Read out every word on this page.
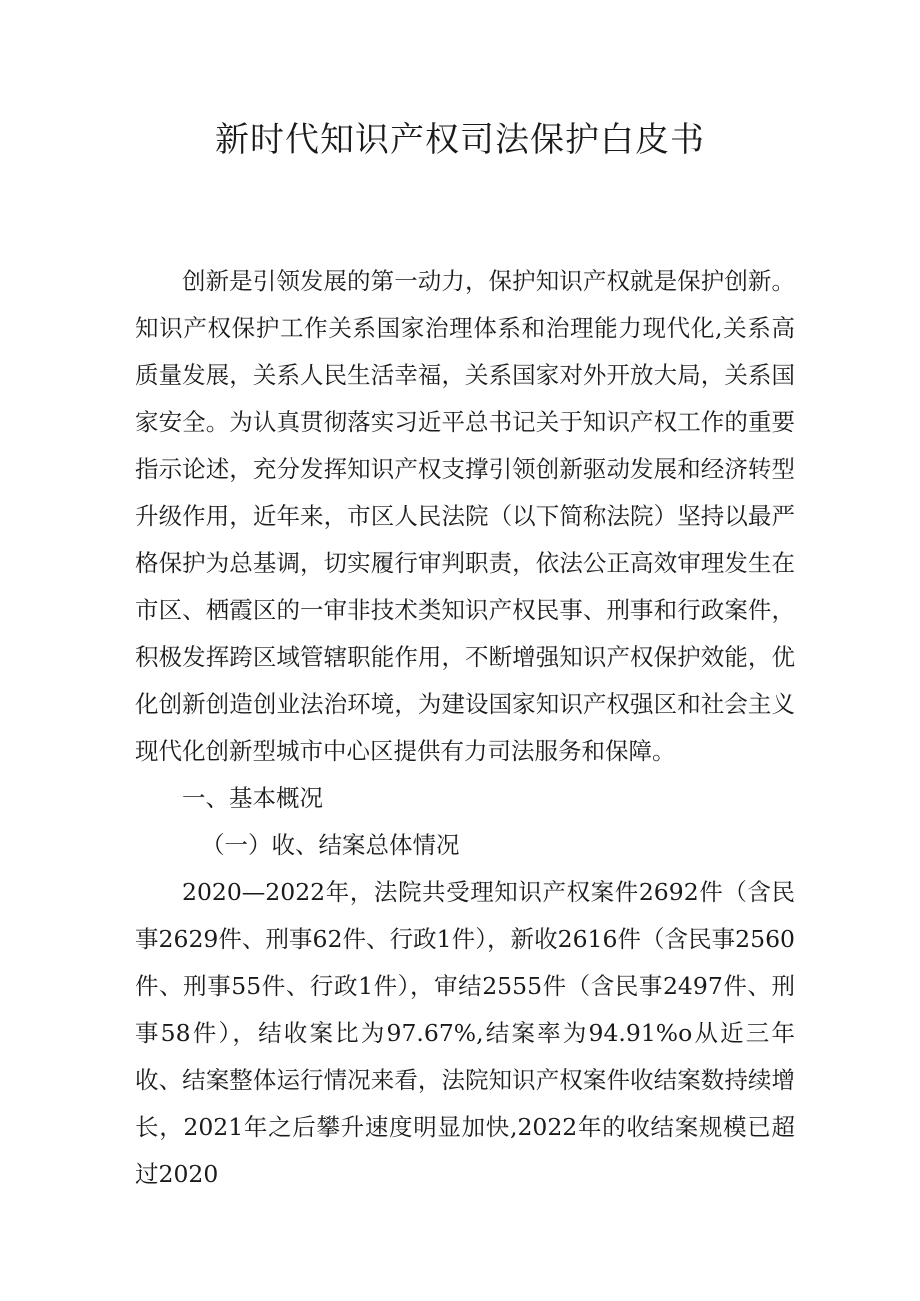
新时代知识产权司法保护白皮书

创新是引领发展的第一动力，保护知识产权就是保护创新。知识产权保护工作关系国家治理体系和治理能力现代化,关系高质量发展，关系人民生活幸福，关系国家对外开放大局，关系国家安全。为认真贯彻落实习近平总书记关于知识产权工作的重要指示论述，充分发挥知识产权支撑引领创新驱动发展和经济转型升级作用，近年来，市区人民法院（以下简称法院）坚持以最严格保护为总基调，切实履行审判职责，依法公正高效审理发生在市区、栖霞区的一审非技术类知识产权民事、刑事和行政案件，积极发挥跨区域管辖职能作用，不断增强知识产权保护效能，优化创新创造创业法治环境，为建设国家知识产权强区和社会主义现代化创新型城市中心区提供有力司法服务和保障。

一、基本概况

（一）收、结案总体情况

2020—2022年，法院共受理知识产权案件2692件（含民事2629件、刑事62件、行政1件），新收2616件（含民事2560件、刑事55件、行政1件），审结2555件（含民事2497件、刑事58件），结收案比为97.67%,结案率为94.91%o从近三年收、结案整体运行情况来看，法院知识产权案件收结案数持续增长，2021年之后攀升速度明显加快,2022年的收结案规模已超过2020
